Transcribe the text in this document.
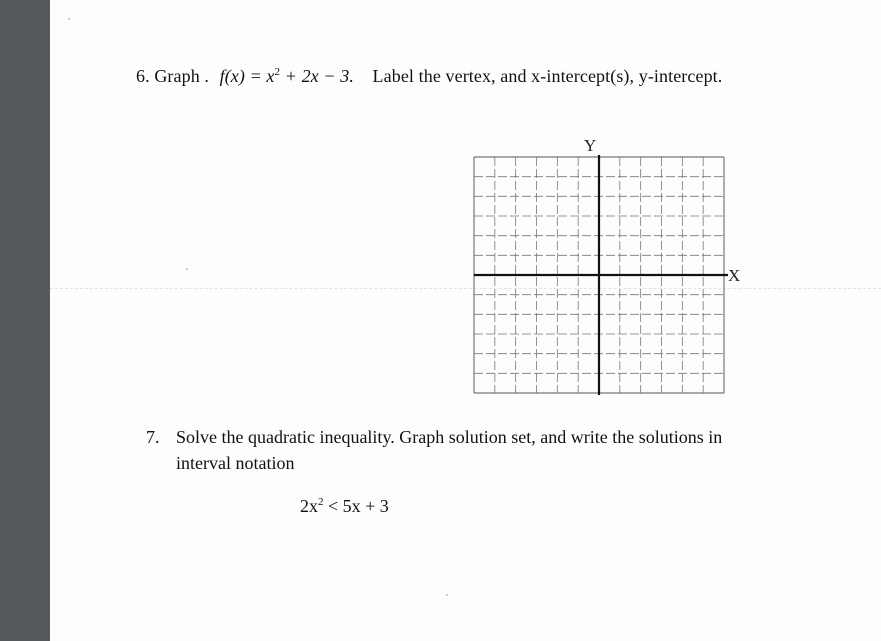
6. Graph . $f(x) = x^2 + 2x - 3$. Label the vertex, and x-intercept(s), y-intercept.
Y
X
7. Solve the quadratic inequality. Graph solution set, and write the solutions in
interval notation
$2x^2 < 5x + 3$
